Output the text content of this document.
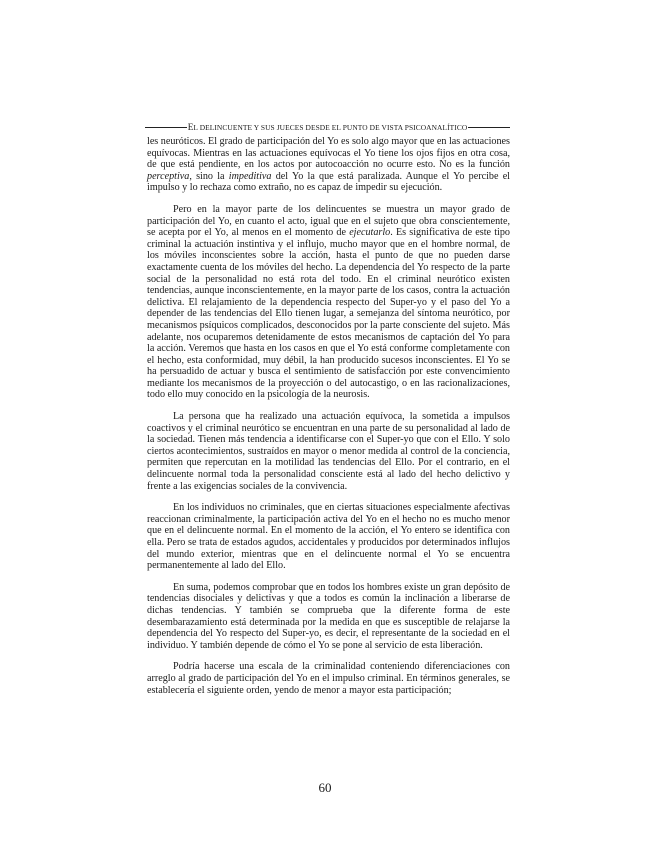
EL DELINCUENTE Y SUS JUECES DESDE EL PUNTO DE VISTA PSICOANALÍTICO

les neuróticos. El grado de participación del Yo es solo algo mayor que en las actuaciones equívocas. Mientras en las actuaciones equívocas el Yo tiene los ojos fijos en otra cosa, de que está pendiente, en los actos por autocoacción no ocurre esto. No es la función perceptiva, sino la impeditiva del Yo la que está paralizada. Aunque el Yo percibe el impulso y lo rechaza como extraño, no es capaz de impedir su ejecución.

Pero en la mayor parte de los delincuentes se muestra un mayor grado de participación del Yo, en cuanto el acto, igual que en el sujeto que obra conscientemente, se acepta por el Yo, al menos en el momento de ejecutarlo. Es significativa de este tipo criminal la actuación instintiva y el influjo, mucho mayor que en el hombre normal, de los móviles inconscientes sobre la acción, hasta el punto de que no pueden darse exactamente cuenta de los móviles del hecho. La dependencia del Yo respecto de la parte social de la personalidad no está rota del todo. En el criminal neurótico existen tendencias, aunque inconscientemente, en la mayor parte de los casos, contra la actuación delictiva. El relajamiento de la dependencia respecto del Super-yo y el paso del Yo a depender de las tendencias del Ello tienen lugar, a semejanza del síntoma neurótico, por mecanismos psíquicos complicados, desconocidos por la parte consciente del sujeto. Más adelante, nos ocuparemos detenidamente de estos mecanismos de captación del Yo para la acción. Veremos que hasta en los casos en que el Yo está conforme completamente con el hecho, esta conformidad, muy débil, la han producido sucesos inconscientes. El Yo se ha persuadido de actuar y busca el sentimiento de satisfacción por este convencimiento mediante los mecanismos de la proyección o del autocastigo, o en las racionalizaciones, todo ello muy conocido en la psicología de la neurosis.

La persona que ha realizado una actuación equívoca, la sometida a impulsos coactivos y el criminal neurótico se encuentran en una parte de su personalidad al lado de la sociedad. Tienen más tendencia a identificarse con el Super-yo que con el Ello. Y solo ciertos acontecimientos, sustraídos en mayor o menor medida al control de la conciencia, permiten que repercutan en la motilidad las tendencias del Ello. Por el contrario, en el delincuente normal toda la personalidad consciente está al lado del hecho delictivo y frente a las exigencias sociales de la convivencia.

En los individuos no criminales, que en ciertas situaciones especialmente afectivas reaccionan criminalmente, la participación activa del Yo en el hecho no es mucho menor que en el delincuente normal. En el momento de la acción, el Yo entero se identifica con ella. Pero se trata de estados agudos, accidentales y producidos por determinados influjos del mundo exterior, mientras que en el delincuente normal el Yo se encuentra permanentemente al lado del Ello.

En suma, podemos comprobar que en todos los hombres existe un gran depósito de tendencias disociales y delictivas y que a todos es común la inclinación a liberarse de dichas tendencias. Y también se comprueba que la diferente forma de este desembarazamiento está determinada por la medida en que es susceptible de relajarse la dependencia del Yo respecto del Super-yo, es decir, el representante de la sociedad en el individuo. Y también depende de cómo el Yo se pone al servicio de esta liberación.

Podría hacerse una escala de la criminalidad conteniendo diferenciaciones con arreglo al grado de participación del Yo en el impulso criminal. En términos generales, se establecería el siguiente orden, yendo de menor a mayor esta participación;

60
